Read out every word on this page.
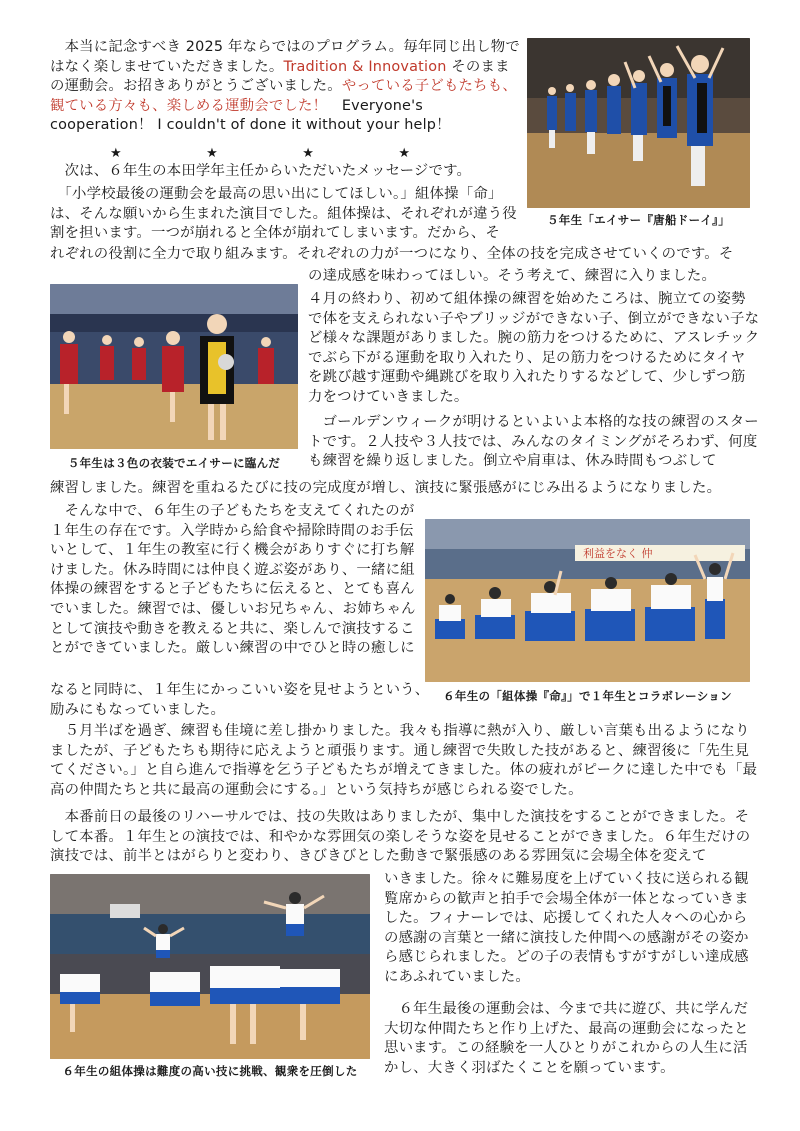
　本当に記念すべき 2025 年ならではのプログラム。毎年同じ出し物ではなく楽しませていただきました。Tradition & Innovation そのままの運動会。お招きありがとうございました。やっている子どもたちも、観ている方々も、楽しめる運動会でした！　Everyone's cooperation！ I couldn't of done it without your help！

★	★	★	★

　次は、６年生の本田学年主任からいただいたメッセージです。

　「小学校最後の運動会を最高の思い出にしてほしい。」組体操「命」は、そんな願いから生まれた演目でした。組体操は、それぞれが違う役割を担います。一つが崩れると全体が崩れてしまいます。だから、そ

れぞれの役割に全力で取り組みます。それぞれの力が一つになり、全体の技を完成させていくのです。そ

の達成感を味わってほしい。そう考えて、練習に入りました。

４月の終わり、初めて組体操の練習を始めたころは、腕立ての姿勢で体を支えられない子やブリッジができない子、倒立ができない子など様々な課題がありました。腕の筋力をつけるために、アスレチックでぶら下がる運動を取り入れたり、足の筋力をつけるためにタイヤを跳び越す運動や縄跳びを取り入れたりするなどして、少しずつ筋力をつけていきました。

　ゴールデンウィークが明けるといよいよ本格的な技の練習のスタートです。２人技や３人技では、みんなのタイミングがそろわず、何度も練習を繰り返しました。倒立や肩車は、休み時間もつぶして

練習しました。練習を重ねるたびに技の完成度が増し、演技に緊張感がにじみ出るようになりました。

　そんな中で、６年生の子どもたちを支えてくれたのが１年生の存在です。入学時から給食や掃除時間のお手伝いとして、１年生の教室に行く機会がありすぐに打ち解けました。休み時間には仲良く遊ぶ姿があり、一緒に組体操の練習をすると子どもたちに伝えると、とても喜んでいました。練習では、優しいお兄ちゃん、お姉ちゃんとして演技や動きを教えると共に、楽しんで演技することができていました。厳しい練習の中でひと時の癒しに

なると同時に、１年生にかっこいい姿を見せようという、励みにもなっていました。

　５月半ばを過ぎ、練習も佳境に差し掛かりました。我々も指導に熱が入り、厳しい言葉も出るようになりましたが、子どもたちも期待に応えようと頑張ります。通し練習で失敗した技があると、練習後に「先生見てください。」と自ら進んで指導を乞う子どもたちが増えてきました。体の疲れがピークに達した中でも「最高の仲間たちと共に最高の運動会にする。」という気持ちが感じられる姿でした。

　本番前日の最後のリハーサルでは、技の失敗はありましたが、集中した演技をすることができました。そして本番。１年生との演技では、和やかな雰囲気の楽しそうな姿を見せることができました。６年生だけの演技では、前半とはがらりと変わり、きびきびとした動きで緊張感のある雰囲気に会場全体を変えて

いきました。徐々に難易度を上げていく技に送られる観覧席からの歓声と拍手で会場全体が一体となっていきました。フィナーレでは、応援してくれた人々への心からの感謝の言葉と一緒に演技した仲間への感謝がその姿から感じられました。どの子の表情もすがすがしい達成感にあふれていました。

　６年生最後の運動会は、今まで共に遊び、共に学んだ大切な仲間たちと作り上げた、最高の運動会になったと思います。この経験を一人ひとりがこれからの人生に活かし、大きく羽ばたくことを願っています。

５年生「エイサー『唐船ドーイ』」
５年生は３色の衣装でエイサーに臨んだ
利益をなく 仲
６年生の「組体操『命』」で１年生とコラボレーション
６年生の組体操は難度の高い技に挑戦、観衆を圧倒した
